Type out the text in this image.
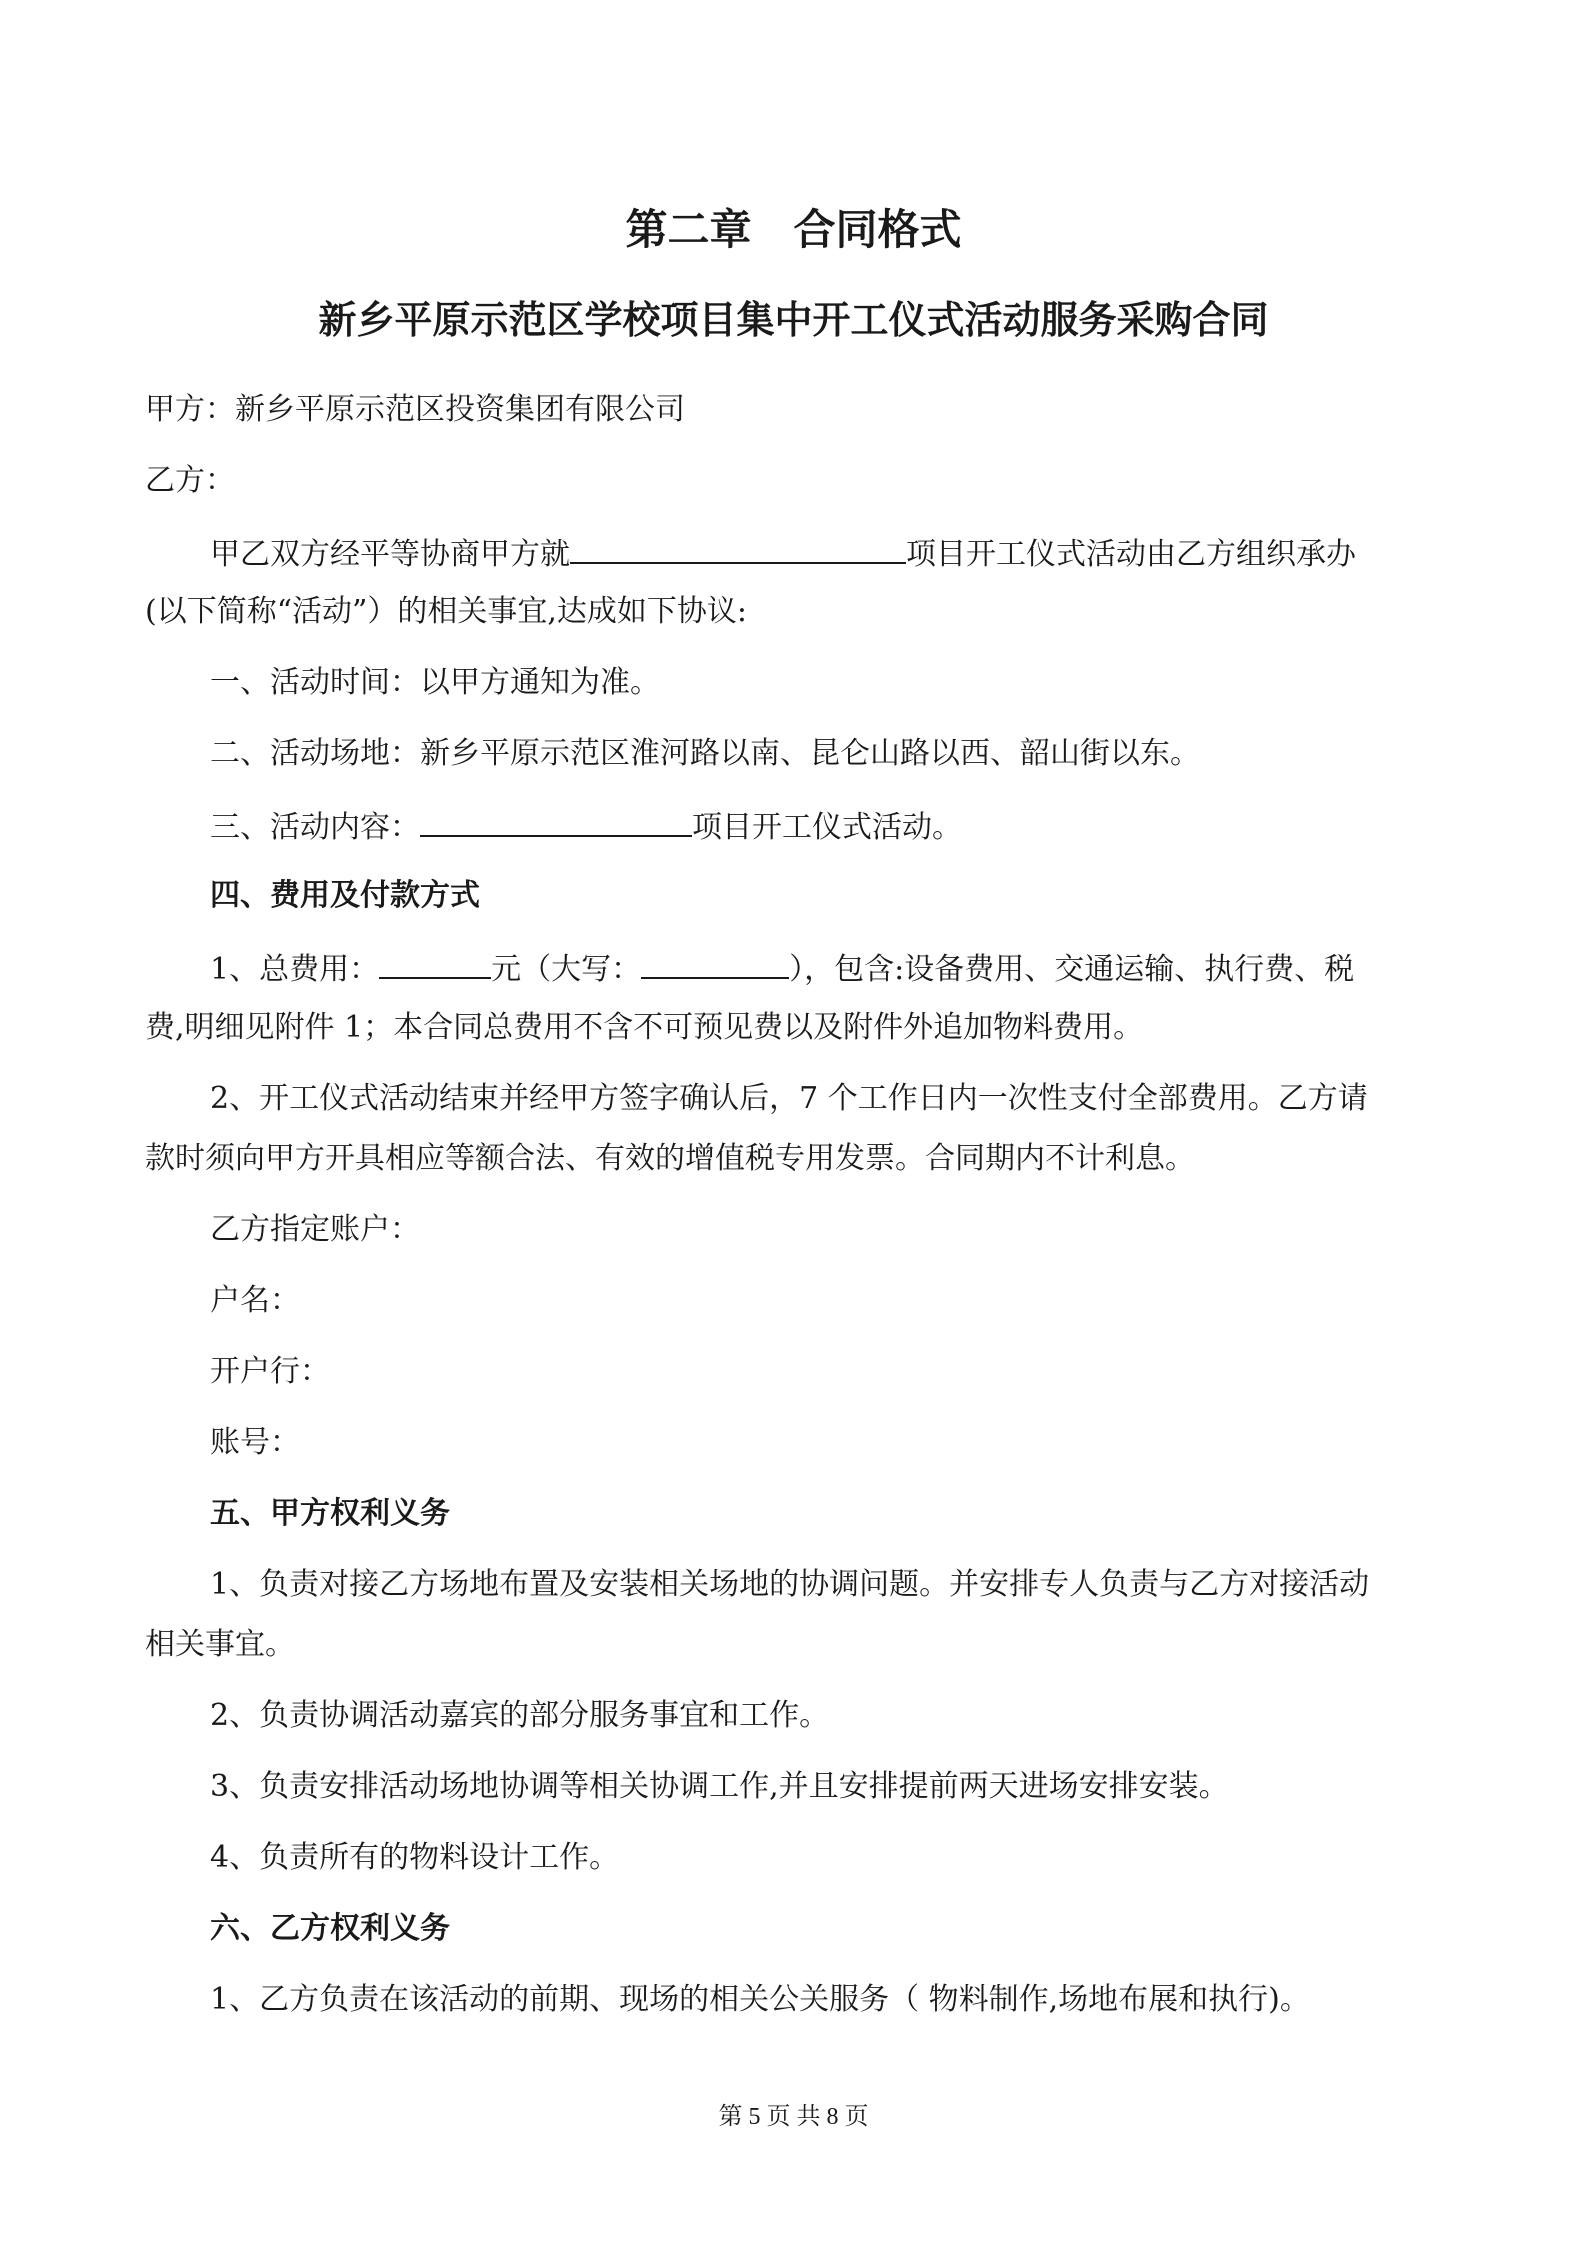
第二章 合同格式
新乡平原示范区学校项目集中开工仪式活动服务采购合同

甲方：新乡平原示范区投资集团有限公司

乙方：

甲乙双方经平等协商甲方就	项目开工仪式活动由乙方组织承办

(以下简称“活动”）的相关事宜,达成如下协议:

一、活动时间：以甲方通知为准。

二、活动场地：新乡平原示范区淮河路以南、昆仑山路以西、韶山街以东。

三、活动内容：	项目开工仪式活动。

四、费用及付款方式

1、总费用：	元（大写：	），包含:设备费用、交通运输、执行费、税

费,明细见附件 1；本合同总费用不含不可预见费以及附件外追加物料费用。

2、开工仪式活动结束并经甲方签字确认后，7 个工作日内一次性支付全部费用。乙方请

款时须向甲方开具相应等额合法、有效的增值税专用发票。合同期内不计利息。

乙方指定账户：

户名：

开户行：

账号：

五、甲方权利义务

1、负责对接乙方场地布置及安装相关场地的协调问题。并安排专人负责与乙方对接活动

相关事宜。

2、负责协调活动嘉宾的部分服务事宜和工作。

3、负责安排活动场地协调等相关协调工作,并且安排提前两天进场安排安装。

4、负责所有的物料设计工作。

六、乙方权利义务

1、乙方负责在该活动的前期、现场的相关公关服务（ 物料制作,场地布展和执行)。

第 5 页 共 8 页
